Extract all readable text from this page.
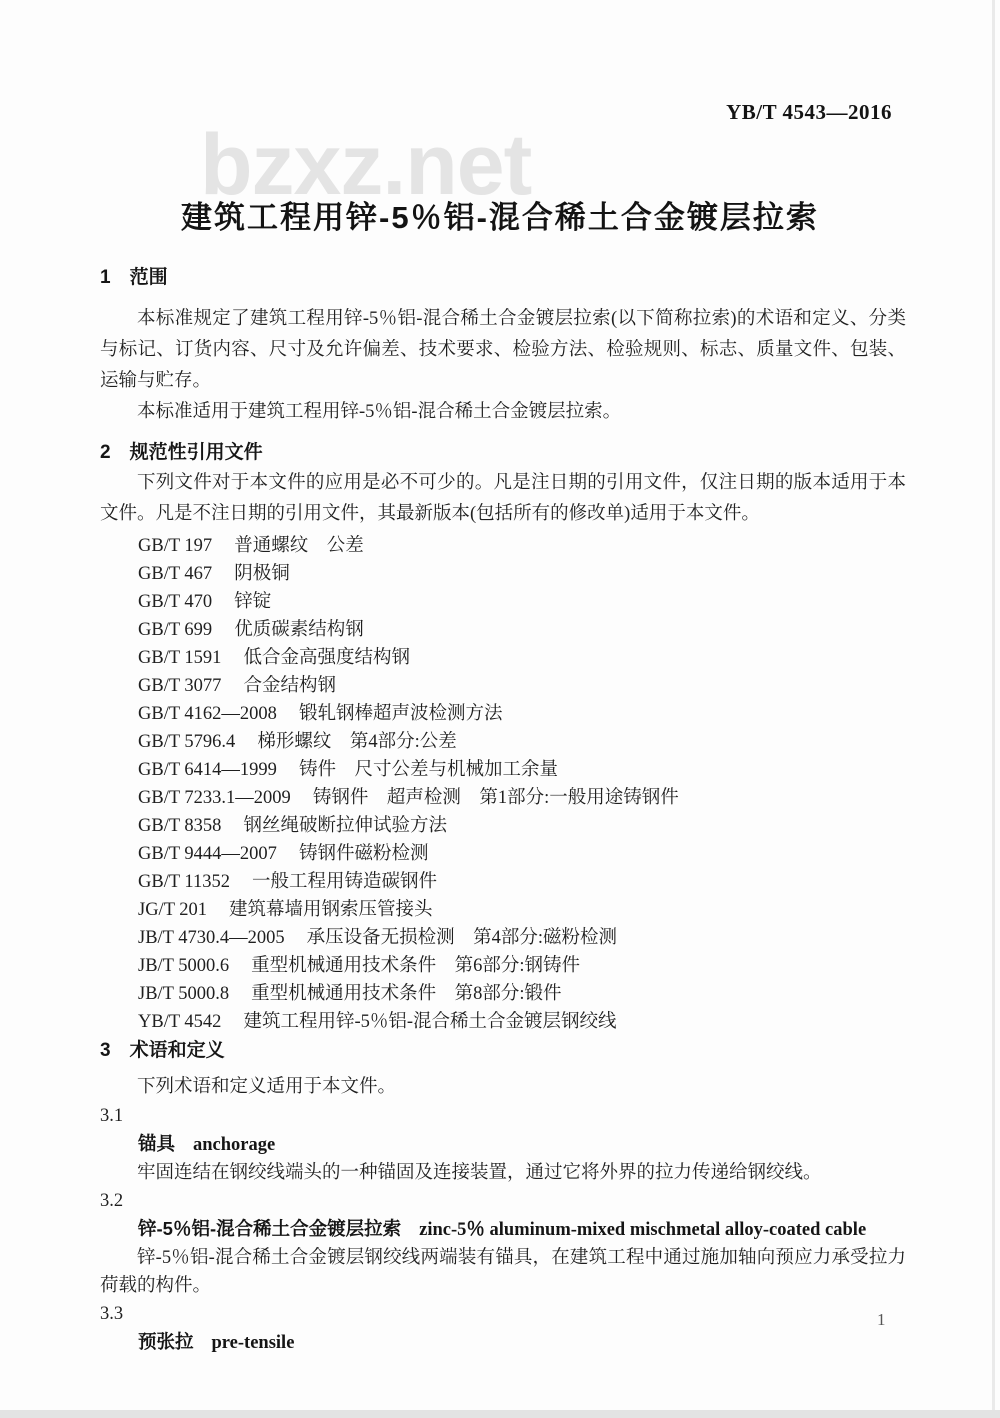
YB/T 4543—2016
bzxz.net
建筑工程用锌-5％铝-混合稀土合金镀层拉索
1　范围

本标准规定了建筑工程用锌-5％铝-混合稀土合金镀层拉索(以下简称拉索)的术语和定义、分类与标记、订货内容、尺寸及允许偏差、技术要求、检验方法、检验规则、标志、质量文件、包装、运输与贮存。

本标准适用于建筑工程用锌-5％铝-混合稀土合金镀层拉索。

2　规范性引用文件

下列文件对于本文件的应用是必不可少的。凡是注日期的引用文件，仅注日期的版本适用于本文件。凡是不注日期的引用文件，其最新版本(包括所有的修改单)适用于本文件。

GB/T 197 普通螺纹　公差
GB/T 467 阴极铜
GB/T 470 锌锭
GB/T 699 优质碳素结构钢
GB/T 1591 低合金高强度结构钢
GB/T 3077 合金结构钢
GB/T 4162—2008 锻轧钢棒超声波检测方法
GB/T 5796.4 梯形螺纹　第4部分:公差
GB/T 6414—1999 铸件　尺寸公差与机械加工余量
GB/T 7233.1—2009 铸钢件　超声检测　第1部分:一般用途铸钢件
GB/T 8358 钢丝绳破断拉伸试验方法
GB/T 9444—2007 铸钢件磁粉检测
GB/T 11352 一般工程用铸造碳钢件
JG/T 201 建筑幕墙用钢索压管接头
JB/T 4730.4—2005 承压设备无损检测　第4部分:磁粉检测
JB/T 5000.6 重型机械通用技术条件　第6部分:钢铸件
JB/T 5000.8 重型机械通用技术条件　第8部分:锻件
YB/T 4542 建筑工程用锌-5％铝-混合稀土合金镀层钢绞线
3　术语和定义

下列术语和定义适用于本文件。

3.1
锚具 anchorage

牢固连结在钢绞线端头的一种锚固及连接装置，通过它将外界的拉力传递给钢绞线。

3.2
锌-5％铝-混合稀土合金镀层拉索 zinc-5％ aluminum-mixed mischmetal alloy-coated cable

锌-5％铝-混合稀土合金镀层钢绞线两端装有锚具，在建筑工程中通过施加轴向预应力承受拉力荷载的构件。

3.3
预张拉 pre-tensile
1
